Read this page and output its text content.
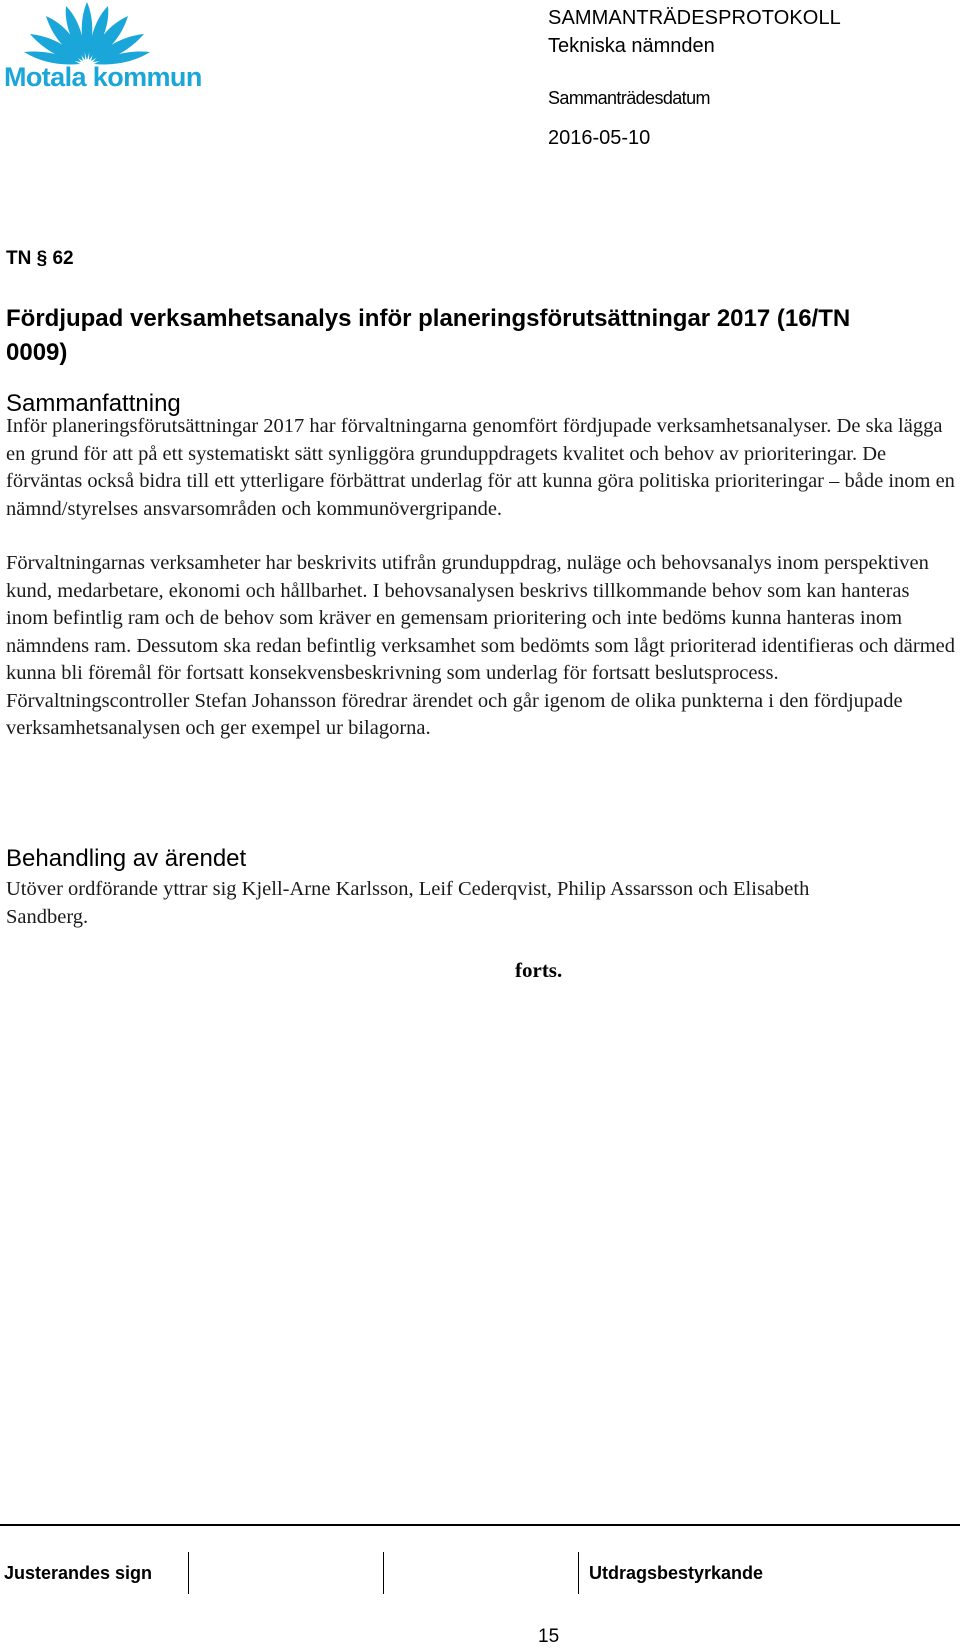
Motala kommun
SAMMANTRÄDESPROTOKOLL
Tekniska nämnden
Sammanträdesdatum
2016-05-10
TN § 62
Fördjupad verksamhetsanalys inför planeringsförutsättningar 2017 (16/TN 0009)
Sammanfattning

Inför planeringsförutsättningar 2017 har förvaltningarna genomfört fördjupade verksamhetsanalyser. De ska lägga en grund för att på ett systematiskt sätt synliggöra grunduppdragets kvalitet och behov av prioriteringar. De förväntas också bidra till ett ytterligare förbättrat underlag för att kunna göra politiska prioriteringar – både inom en nämnd/styrelses ansvarsområden och kommunövergripande.

Förvaltningarnas verksamheter har beskrivits utifrån grunduppdrag, nuläge och behovsanalys inom perspektiven kund, medarbetare, ekonomi och hållbarhet. I behovsanalysen beskrivs tillkommande behov som kan hanteras inom befintlig ram och de behov som kräver en gemensam prioritering och inte bedöms kunna hanteras inom nämndens ram. Dessutom ska redan befintlig verksamhet som bedömts som lågt prioriterad identifieras och därmed kunna bli föremål för fortsatt konsekvensbeskrivning som underlag för fortsatt beslutsprocess. Förvaltningscontroller Stefan Johansson föredrar ärendet och går igenom de olika punkterna i den fördjupade verksamhetsanalysen och ger exempel ur bilagorna.

Behandling av ärendet

Utöver ordförande yttrar sig Kjell-Arne Karlsson, Leif Cederqvist, Philip Assarsson och Elisabeth Sandberg.

forts.
Justerandes sign	Utdragsbestyrkande
15
